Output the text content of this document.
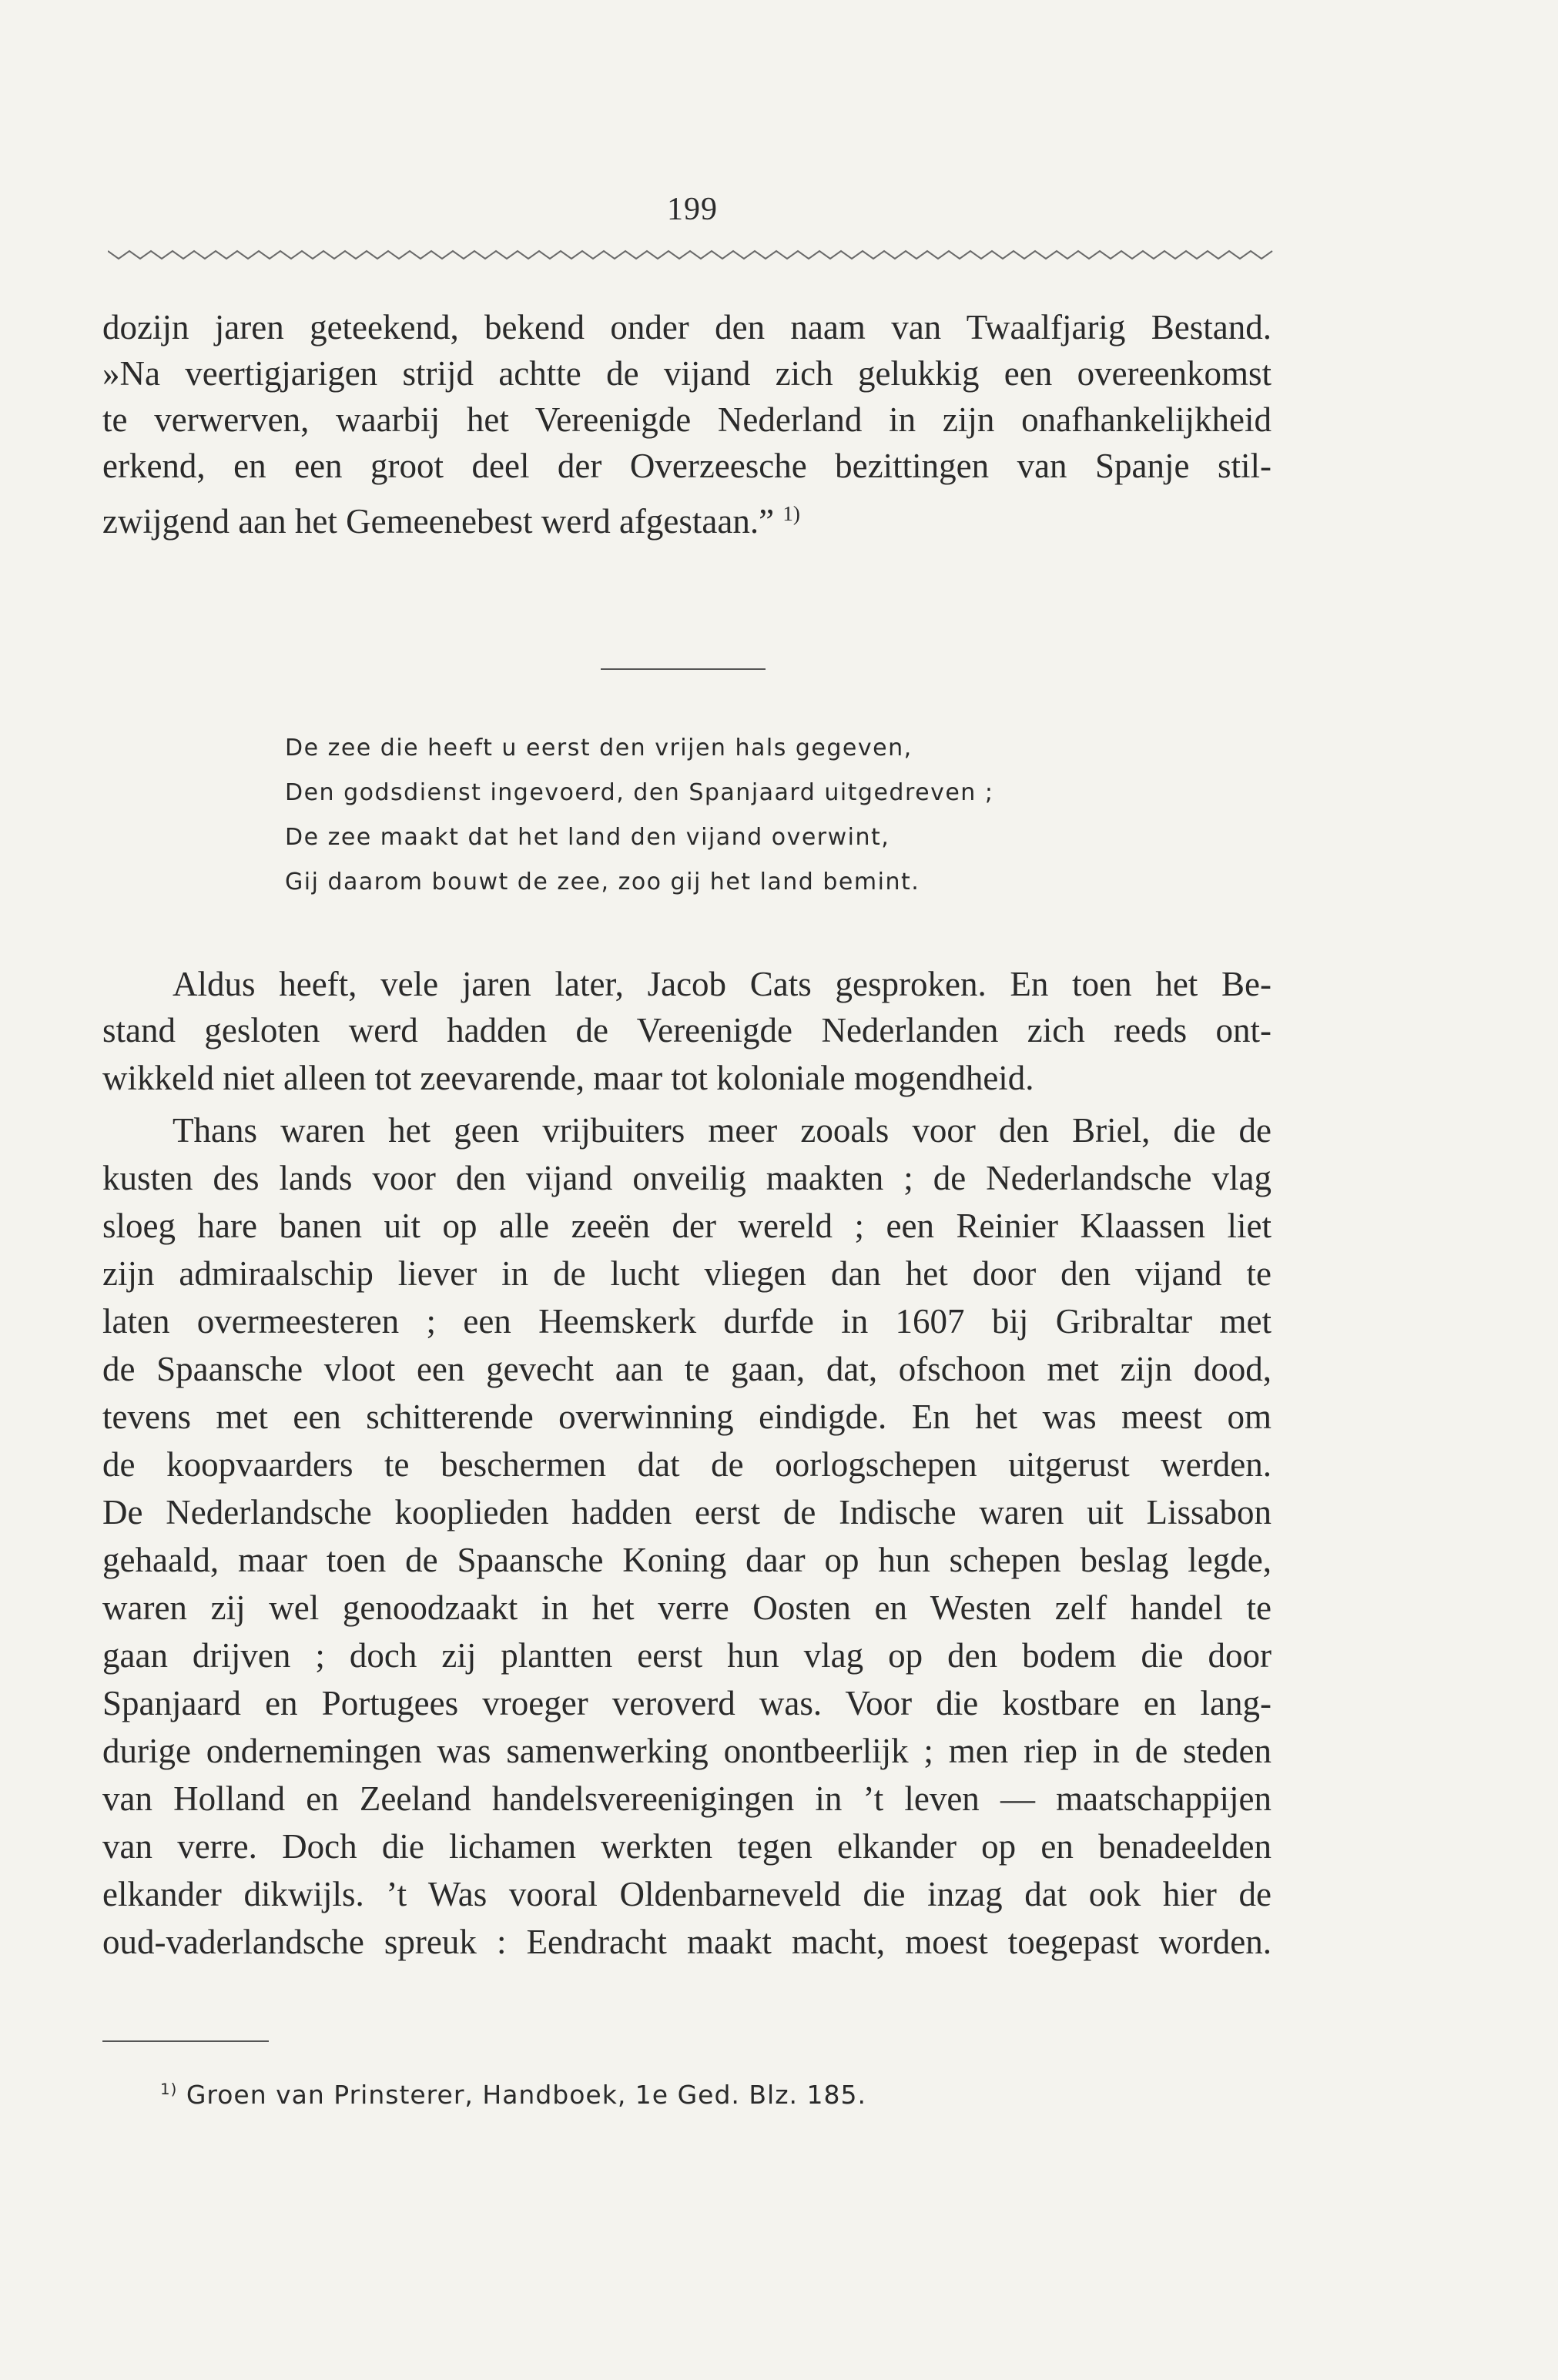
199

dozijn jaren geteekend, bekend onder den naam van Twaalfjarig Bestand.

»Na veertigjarigen strijd achtte de vijand zich gelukkig een overeenkomst

te verwerven, waarbij het Vereenigde Nederland in zijn onafhankelijkheid

erkend, en een groot deel der Overzeesche bezittingen van Spanje stil-

zwijgend aan het Gemeenebest werd afgestaan.” $^{1)}$

De zee die heeft u eerst den vrijen hals gegeven,

Den godsdienst ingevoerd, den Spanjaard uitgedreven ;

De zee maakt dat het land den vijand overwint,

Gij daarom bouwt de zee, zoo gij het land bemint.

Aldus heeft, vele jaren later, Jacob Cats gesproken. En toen het Be-

stand gesloten werd hadden de Vereenigde Nederlanden zich reeds ont-

wikkeld niet alleen tot zeevarende, maar tot koloniale mogendheid.

Thans waren het geen vrijbuiters meer zooals voor den Briel, die de

kusten des lands voor den vijand onveilig maakten ; de Nederlandsche vlag

sloeg hare banen uit op alle zeeën der wereld ; een Reinier Klaassen liet

zijn admiraalschip liever in de lucht vliegen dan het door den vijand te

laten overmeesteren ; een Heemskerk durfde in 1607 bij Gribraltar met

de Spaansche vloot een gevecht aan te gaan, dat, ofschoon met zijn dood,

tevens met een schitterende overwinning eindigde. En het was meest om

de koopvaarders te beschermen dat de oorlogschepen uitgerust werden.

De Nederlandsche kooplieden hadden eerst de Indische waren uit Lissabon

gehaald, maar toen de Spaansche Koning daar op hun schepen beslag legde,

waren zij wel genoodzaakt in het verre Oosten en Westen zelf handel te

gaan drijven ; doch zij plantten eerst hun vlag op den bodem die door

Spanjaard en Portugees vroeger veroverd was. Voor die kostbare en lang-

durige ondernemingen was samenwerking onontbeerlijk ; men riep in de steden

van Holland en Zeeland handelsvereenigingen in ’t leven — maatschappijen

van verre. Doch die lichamen werkten tegen elkander op en benadeelden

elkander dikwijls. ’t Was vooral Oldenbarneveld die inzag dat ook hier de

oud-vaderlandsche spreuk : Eendracht maakt macht, moest toegepast worden.

$^{1)}$ Groen van Prinsterer, Handboek, 1e Ged. Blz. 185.
